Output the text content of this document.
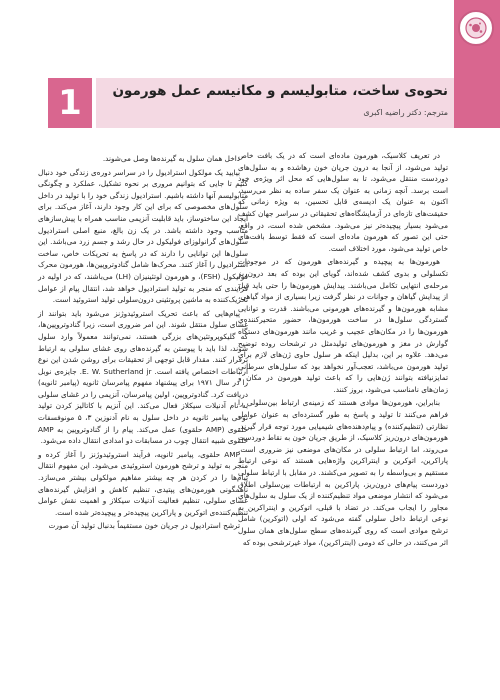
1	نحوه‌ی ساخت، متابولیسم و مکانیسم عمل هورمون
مترجم: دکتر راضیه اکبری

در تعریف کلاسیک، هورمون ماده‌ای است که در یک بافت خاص تولید می‌شود، از آنجا به درون جریان خون رهاشده و به سلول‌های دوردست منتقل می‌شود، تا به سلول‌هایی که محل اثر ویژه‌ی خود است برسد. آنچه زمانی به عنوان یک سفر ساده به نظر می‌رسید، اکنون به عنوان یک ادیسه‌ی قابل تحسین، به ویژه زمانی که حقیقت‌های تازه‌ای در آزمایشگاه‌های تحقیقاتی در سراسر جهان کشف می‌شود بسیار پیچیده‌تر نیز می‌شود. مشخص شده است، در واقع، حتی این تصور که هورمون ماده‌ای است که فقط توسط بافت‌های خاص تولید می‌شود، مورد اختلاف است.

هورمون‌ها به پیچیده و گیرنده‌های هورمون که در موجودات تکسلولی و بدوی کشف شده‌اند، گویای این بوده که بعد درون‌ریز مرحله‌ی انتهایی تکامل می‌باشند. پیدایش هورمون‌ها را حتی باید قبل از پیدایش گیاهان و جوانات در نظر گرفت زیرا بسیاری از مواد گیاهی، مشابه هورمون‌ها و گیرنده‌های هورمونی می‌باشند. قدرت و توانایی گستردگی سلول‌ها در ساخت هورمون‌ها، حضور متحیرکننده‌ی هورمون‌ها را در مکان‌های عجیب و غریب مانند هورمون‌های دستگاه گوارش در مغز و هورمون‌های تولیدمثل در ترشحات روده توضیح می‌دهد. علاوه بر این، بدلیل اینکه هر سلول حاوی ژن‌های لازم برای تولید هورمون می‌باشد، تعجب‌آور نخواهد بود که سلول‌های سرطانی تمایزنیافته بتوانند ژن‌هایی را که باعث تولید هورمون در مکان و زمان‌های نامناسب می‌شود، بروز کنند.

بنابراین، هورمون‌ها موادی هستند که زمینه‌ی ارتباط بین‌سلولی را فراهم می‌کنند تا تولید و پاسخ به طور گسترده‌ای به عنوان عوامل نظارتی (تنظیم‌کننده) و پیام‌دهنده‌های شیمیایی مورد توجه قرار گیرند. هورمون‌های درون‌ریز کلاسیک، از طریق جریان خون به نقاط دوردست می‌روند، اما ارتباط سلولی در مکان‌های موضعی نیز ضروری است. پاراکرین، اتوکرین و اینتراکرین واژه‌هایی هستند که نوعی ارتباط مستقیم و بی‌واسطه را به تصویر می‌کشند. در مقابل با ارتباط سلولی دوردست پیام‌های درون‌ریز، پاراکرین به ارتباطات بین‌سلولی اطلاق می‌شود که انتشار موضعی مواد تنظیم‌کننده از یک سلول به سلول‌های مجاور را ایجاب می‌کند. در تضاد با قبلی، اتوکرین و اینتراکرین به نوعی ارتباط داخل سلولی گفته می‌شود که اولی (اتوکرین) شامل ترشح موادی است که روی گیرنده‌های سطح سلول‌های همان سلول اثر می‌کنند، در حالی که دومی (اینتراکرین)، مواد غیرترشحی بوده که

داخل همان سلول به گیرنده‌ها وصل می‌شوند.

بیایید یک مولکول استرادیول را در سراسر دوره‌ی زندگی خود دنبال کنیم تا جایی که بتوانیم مروری بر نحوه تشکیل، عملکرد و چگونگی متابولیسم آنها داشته باشیم. استرادیول زندگی خود را با تولید در داخل سلول‌های مخصوصی که برای این کار وجود دارند، آغاز می‌کند. برای ایجاد این ساختوساز، باید قابلیت آنزیمی مناسب همراه با پیش‌سازهای مناسب وجود داشته باشد. در یک زن بالغ، منبع اصلی استرادیول سلول‌های گرانولوزای فولیکول در حال رشد و جسم زرد می‌باشد. این سلول‌ها این توانایی را دارند که در پاسخ به تحریکات خاص، ساخت استرادیول را آغاز کنند. محرک‌ها شامل گنادوتروپین‌ها، هورمون محرک فولیکول (FSH)، و هورمون لوتئینیزان (LH) می‌باشند، که در اولیه در فرآیندی که منجر به تولید استرادیول خواهد شد، انتقال پیام از عوامل تحریک‌کننده به ماشین پروتئینی درون‌سلولی تولید استروئید است.

پیام‌هایی که باعث تحریک استروئیدوژنز می‌شود باید بتوانند از غشای سلول منتقل شوند. این امر ضروری است، زیرا گنادوتروپین‌ها، که گلیکوپروتئین‌های بزرگی هستند، نمی‌توانند معمولاً وارد سلول شوند، لذا باید با پیوستن به گیرنده‌های روی غشای سلولی به ارتباط برقرار کنند. مقدار قابل توجهی از تحقیقات برای روشن شدن این نوع ارتباطات اختصاص یافته است. E. W. Sutherland jr. جایزه‌ی نوبل را در سال ۱۹۷۱ برای پیشنهاد مفهوم پیامرسان ثانویه (پیامبر ثانویه) دریافت کرد. گنادوتروپین، اولین پیامرسان، آنزیمی را در غشای سلولی به نام آدنیلات سیکلاز فعال می‌کند. این آنزیم با کاتالیز کردن تولید نوعی پیامبر ثانویه در داخل سلول به نام آدنوزین ۳، ۵ مونوفسفات حلقوی (AMP حلقوی) عمل می‌کند. پیام را از گنادوتروپین به AMP حلقوی شبیه انتقال چوب در مسابقات دو امدادی انتقال داده می‌شود.

AMP حلقوی، پیامبر ثانویه، فرآیند استروئیدوژنز را آغاز کرده و منجر به تولید و ترشح هورمون استروئیدی می‌شود. این مفهوم انتقال پیام‌ها را در کردن هر چه بیشتر مفاهیم مولکولی بیشتر می‌سازد. ناهمگونی هورمون‌های پپتیدی، تنظیم کاهش و افزایش گیرنده‌های غشای سلولی، تنظیم فعالیت آدنیلات سیکلاز و اهمیت نقش عوامل تنظیم‌کننده‌ی اتوکرین و پاراکرین پیچیده‌تر و پیچیده‌تر شده است.

ترشح استرادیول در جریان خون مستقیماً بدنبال تولید آن صورت
